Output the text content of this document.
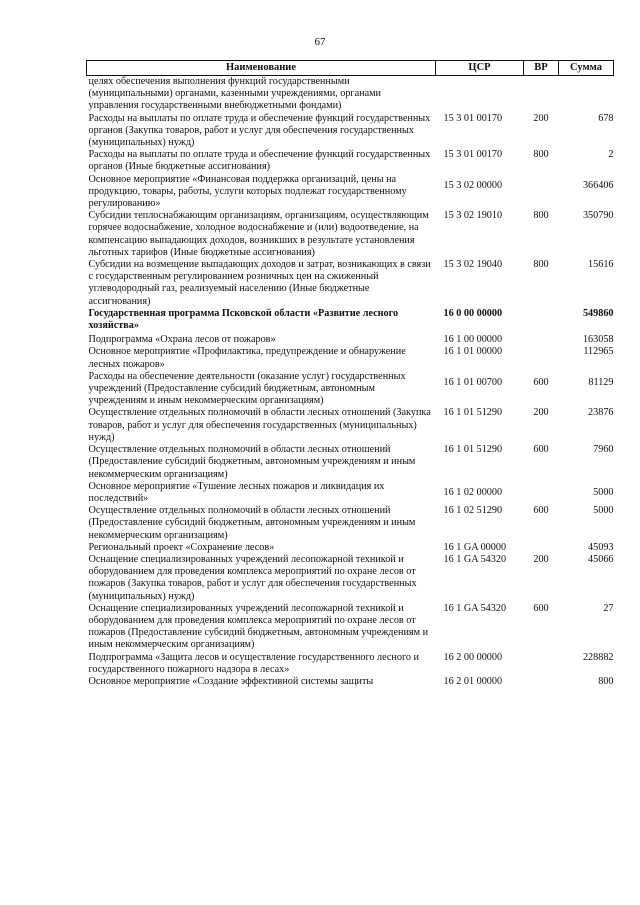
67
Наименование	ЦСР	ВР	Сумма
целях обеспечения выполнения функций государственными (муниципальными) органами, казенными учреждениями, органами управления государственными внебюджетными фондами)			
Расходы на выплаты по оплате труда и обеспечение функций государственных органов (Закупка товаров, работ и услуг для обеспечения государственных (муниципальных) нужд)	15 3 01 00170	200	678
Расходы на выплаты по оплате труда и обеспечение функций государственных органов (Иные бюджетные ассигнования)	15 3 01 00170	800	2
Основное мероприятие «Финансовая поддержка организаций, цены на продукцию, товары, работы, услуги которых подлежат государственному регулированию»	15 3 02 00000		366406
Субсидии теплоснабжающим организациям, организациям, осуществляющим горячее водоснабжение, холодное водоснабжение и (или) водоотведение, на компенсацию выпадающих доходов, возникших в результате установления льготных тарифов (Иные бюджетные ассигнования)	15 3 02 19010	800	350790
Субсидии на возмещение выпадающих доходов и затрат, возникающих в связи с государственным регулированием розничных цен на сжиженный углеводородный газ, реализуемый населению (Иные бюджетные ассигнования)	15 3 02 19040	800	15616
Государственная программа Псковской области «Развитие лесного хозяйства»	16 0 00 00000		549860
Подпрограмма «Охрана лесов от пожаров»	16 1 00 00000		163058
Основное мероприятие «Профилактика, предупреждение и обнаружение лесных пожаров»	16 1 01 00000		112965
Расходы на обеспечение деятельности (оказание услуг) государственных учреждений (Предоставление субсидий бюджетным, автономным учреждениям и иным некоммерческим организациям)	16 1 01 00700	600	81129
Осуществление отдельных полномочий в области лесных отношений (Закупка товаров, работ и услуг для обеспечения государственных (муниципальных) нужд)	16 1 01 51290	200	23876
Осуществление отдельных полномочий в области лесных отношений (Предоставление субсидий бюджетным, автономным учреждениям и иным некоммерческим организациям)	16 1 01 51290	600	7960
Основное мероприятие «Тушение лесных пожаров и ликвидация их последствий»	16 1 02 00000		5000
Осуществление отдельных полномочий в области лесных отношений (Предоставление субсидий бюджетным, автономным учреждениям и иным некоммерческим организациям)	16 1 02 51290	600	5000
Региональный проект «Сохранение лесов»	16 1 GA 00000		45093
Оснащение специализированных учреждений лесопожарной техникой и оборудованием для проведения комплекса мероприятий по охране лесов от пожаров (Закупка товаров, работ и услуг для обеспечения государственных (муниципальных) нужд)	16 1 GA 54320	200	45066
Оснащение специализированных учреждений лесопожарной техникой и оборудованием для проведения комплекса мероприятий по охране лесов от пожаров (Предоставление субсидий бюджетным, автономным учреждениям и иным некоммерческим организациям)	16 1 GA 54320	600	27
Подпрограмма «Защита лесов и осуществление государственного лесного и государственного пожарного надзора в лесах»	16 2 00 00000		228882
Основное мероприятие «Создание эффективной системы защиты	16 2 01 00000		800
